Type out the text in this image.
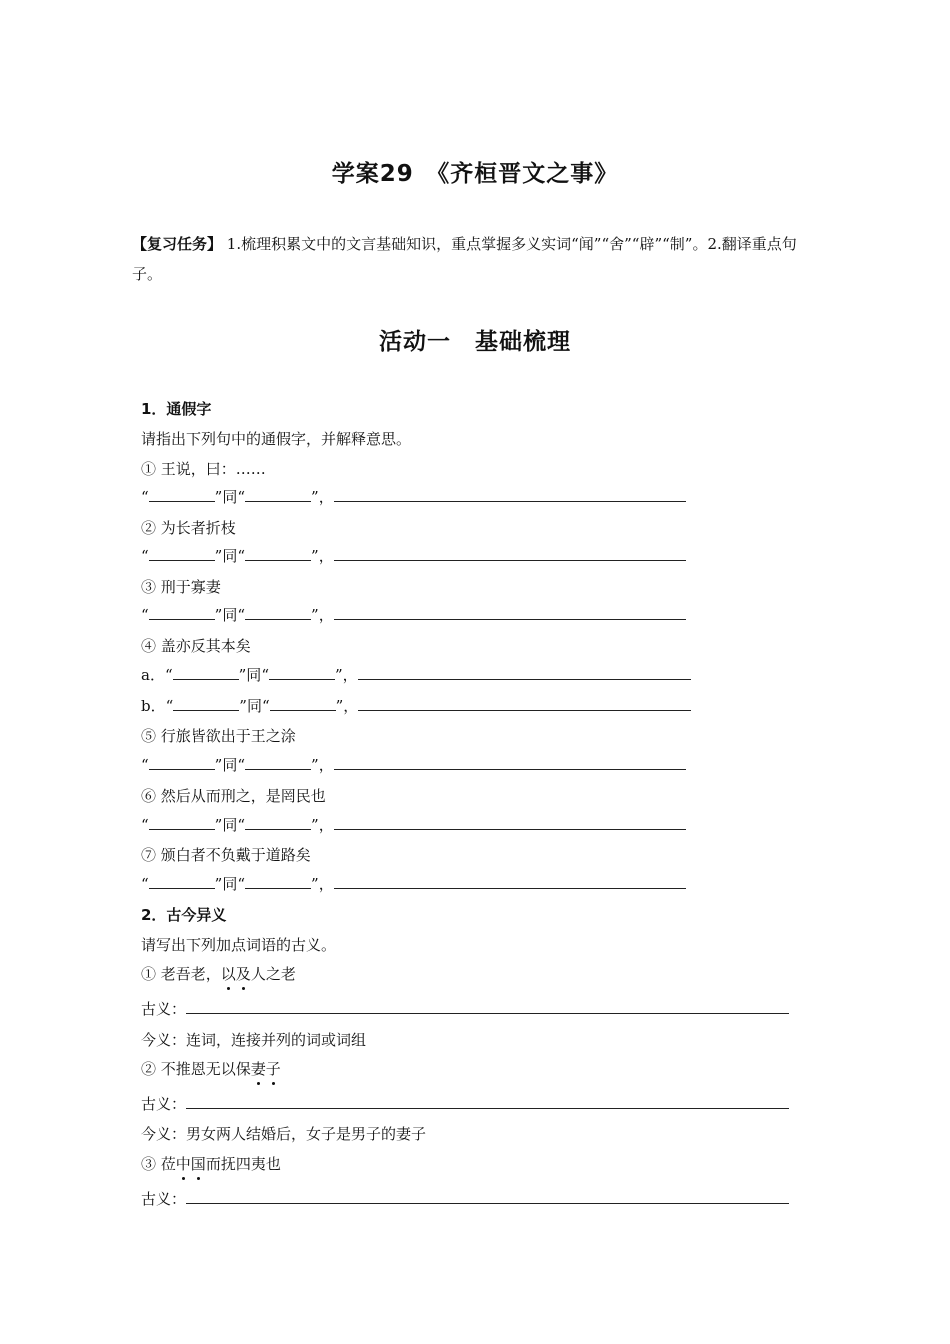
学案29　《齐桓晋文之事》
【复习任务】 1.梳理积累文中的文言基础知识，重点掌握多义实词“闻”“舍”“辟”“制”。2.翻译重点句子。
活动一　基础梳理
1．通假字
请指出下列句中的通假字，并解释意思。
① 王说，曰：……
“	”同“	”，
② 为长者折枝
“	”同“	”，
③ 刑于寡妻
“	”同“	”，
④ 盖亦反其本矣
a．“	”同“	”，
b．“	”同“	”，
⑤ 行旅皆欲出于王之涂
“	”同“	”，
⑥ 然后从而刑之，是罔民也
“	”同“	”，
⑦ 颁白者不负戴于道路矣
“	”同“	”，
2．古今异义
请写出下列加点词语的古义。
① 老吾老，以及人之老
古义：
今义：连词，连接并列的词或词组
② 不推恩无以保妻子
古义：
今义：男女两人结婚后，女子是男子的妻子
③ 莅中国而抚四夷也
古义：
